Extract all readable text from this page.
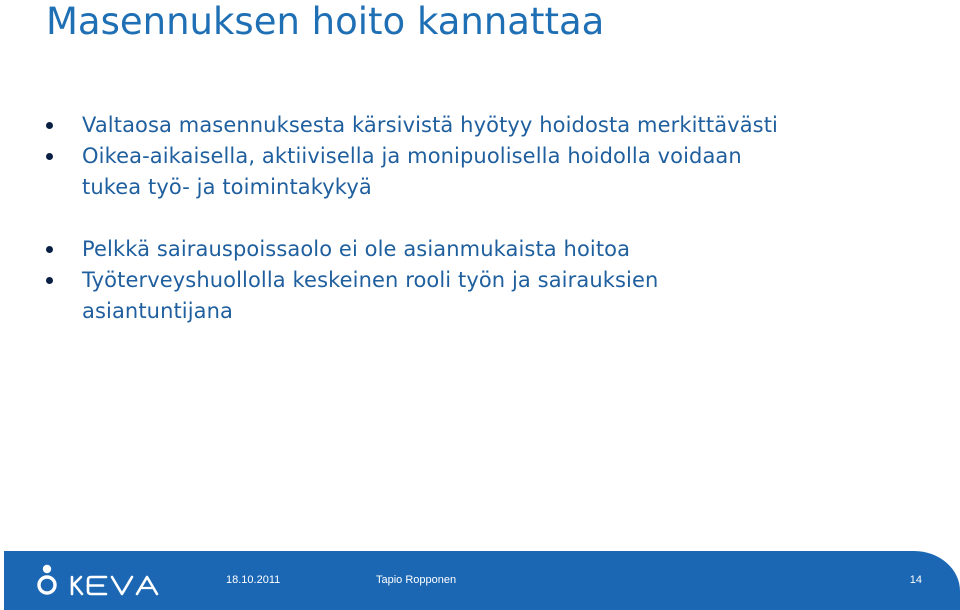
Masennuksen hoito kannattaa
Valtaosa masennuksesta kärsivistä hyötyy hoidosta merkittävästi
Oikea-aikaisella, aktiivisella ja monipuolisella hoidolla voidaan
tukea työ- ja toimintakykyä
Pelkkä sairauspoissaolo ei ole asianmukaista hoitoa
Työterveyshuollolla keskeinen rooli työn ja sairauksien
asiantuntijana
18.10.2011	Tapio Ropponen	14
